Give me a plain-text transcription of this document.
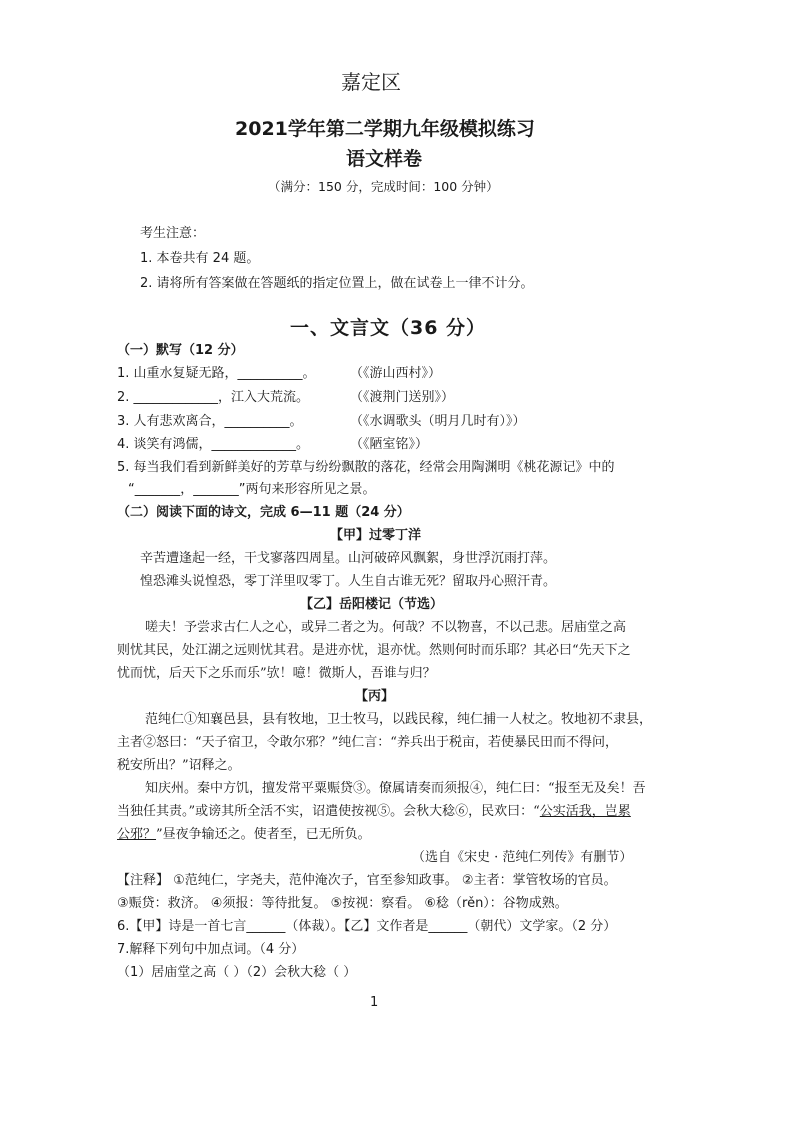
嘉定区
2021学年第二学期九年级模拟练习
语文样卷
（满分：150 分，完成时间：100 分钟）
考生注意：
1. 本卷共有 24 题。
2. 请将所有答案做在答题纸的指定位置上，做在试卷上一律不计分。
一、文言文（36 分）
（一）默写（12 分）
1. 山重水复疑无路，__________。	（《游山西村》）
2. _____________，江入大荒流。	（《渡荆门送别》）
3. 人有悲欢离合，__________。	（《水调歌头（明月几时有）》）
4. 谈笑有鸿儒，_____________。	（《陋室铭》）
5. 每当我们看到新鲜美好的芳草与纷纷飘散的落花，经常会用陶渊明《桃花源记》中的
“_______，_______”两句来形容所见之景。
（二）阅读下面的诗文，完成 6—11 题（24 分）
【甲】过零丁洋
辛苦遭逢起一经，干戈寥落四周星。山河破碎风飘絮，身世浮沉雨打萍。
惶恐滩头说惶恐，零丁洋里叹零丁。人生自古谁无死？留取丹心照汗青。
【乙】岳阳楼记（节选）
嗟夫！予尝求古仁人之心，或异二者之为。何哉？不以物喜，不以己悲。居庙堂之高
则忧其民，处江湖之远则忧其君。是进亦忧，退亦忧。然则何时而乐耶？其必曰“先天下之
忧而忧，后天下之乐而乐”欤！噫！微斯人，吾谁与归？
【丙】
范纯仁①知襄邑县，县有牧地，卫士牧马，以践民稼，纯仁捕一人杖之。牧地初不隶县，
主者②怒曰：“天子宿卫，令敢尔邪？”纯仁言：“养兵出于税亩，若使暴民田而不得问，
税安所出？”诏释之。
知庆州。秦中方饥，擅发常平粟赈贷③。僚属请奏而须报④，纯仁曰：“报至无及矣！吾
当独任其责。”或谤其所全活不实，诏遣使按视⑤。会秋大稔⑥，民欢曰：“公实活我，岂累
公邪？”昼夜争输还之。使者至，已无所负。
（选自《宋史 · 范纯仁列传》有删节）
【注释】 ①范纯仁，字尧夫，范仲淹次子，官至参知政事。 ②主者：掌管牧场的官员。
③赈贷：救济。 ④须报：等待批复。 ⑤按视：察看。 ⑥稔（rěn）：谷物成熟。
6.【甲】诗是一首七言______（体裁）。【乙】文作者是______（朝代）文学家。（2 分）
7.解释下列句中加点词。（4 分）
（1）居庙堂之高（ ）（2）会秋大稔（ ）
1
